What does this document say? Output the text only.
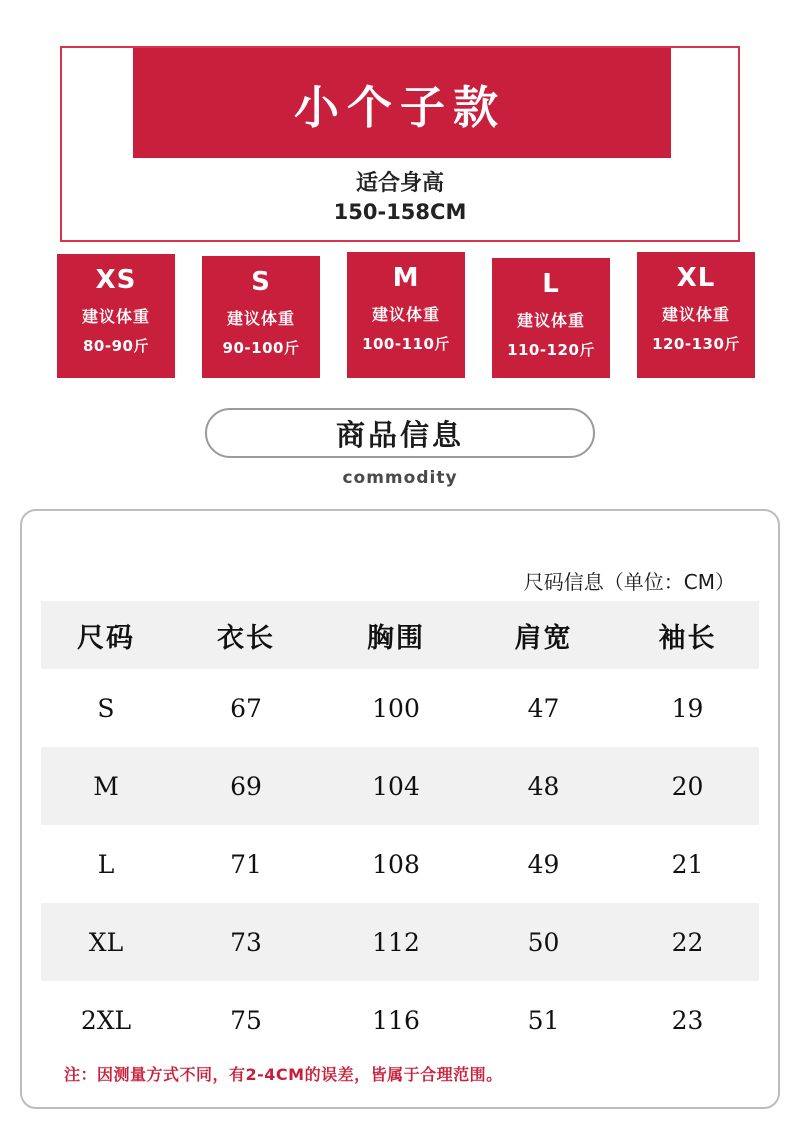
小个子款
适合身高
150-158CM
XS
建议体重
80-90斤
S
建议体重
90-100斤
M
建议体重
100-110斤
L
建议体重
110-120斤
XL
建议体重
120-130斤
商品信息
commodity
尺码信息（单位：CM）
尺码	衣长	胸围	肩宽	袖长
S	67	100	47	19
M	69	104	48	20
L	71	108	49	21
XL	73	112	50	22
2XL	75	116	51	23
注：因测量方式不同，有2-4CM的误差，皆属于合理范围。
